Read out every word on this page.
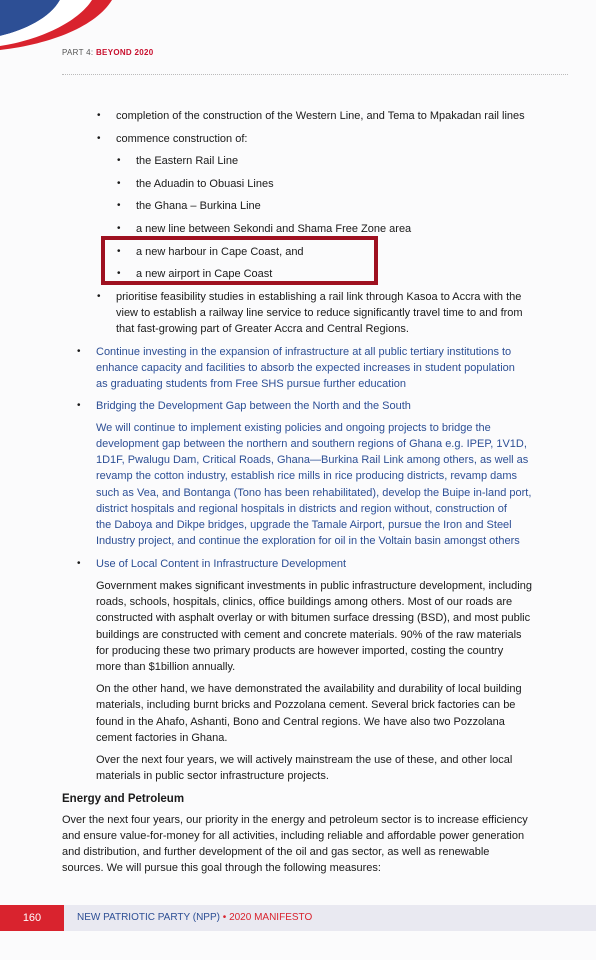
PART 4: BEYOND 2020
• completion of the construction of the Western Line, and Tema to Mpakadan rail lines
• commence construction of:
• the Eastern Rail Line
• the Aduadin to Obuasi Lines
• the Ghana – Burkina Line
• a new line between Sekondi and Shama Free Zone area
• a new harbour in Cape Coast, and
• a new airport in Cape Coast
• prioritise feasibility studies in establishing a rail link through Kasoa to Accra with the
view to establish a railway line service to reduce significantly travel time to and from
that fast-growing part of Greater Accra and Central Regions.
• Continue investing in the expansion of infrastructure at all public tertiary institutions to
enhance capacity and facilities to absorb the expected increases in student population
as graduating students from Free SHS pursue further education
• Bridging the Development Gap between the North and the South
We will continue to implement existing policies and ongoing projects to bridge the
development gap between the northern and southern regions of Ghana e.g. IPEP, 1V1D,
1D1F, Pwalugu Dam, Critical Roads, Ghana—Burkina Rail Link among others, as well as
revamp the cotton industry, establish rice mills in rice producing districts, revamp dams
such as Vea, and Bontanga (Tono has been rehabilitated), develop the Buipe in-land port,
district hospitals and regional hospitals in districts and region without, construction of
the Daboya and Dikpe bridges, upgrade the Tamale Airport, pursue the Iron and Steel
Industry project, and continue the exploration for oil in the Voltain basin amongst others
• Use of Local Content in Infrastructure Development
Government makes significant investments in public infrastructure development, including
roads, schools, hospitals, clinics, office buildings among others. Most of our roads are
constructed with asphalt overlay or with bitumen surface dressing (BSD), and most public
buildings are constructed with cement and concrete materials. 90% of the raw materials
for producing these two primary products are however imported, costing the country
more than $1billion annually.
On the other hand, we have demonstrated the availability and durability of local building
materials, including burnt bricks and Pozzolana cement. Several brick factories can be
found in the Ahafo, Ashanti, Bono and Central regions. We have also two Pozzolana
cement factories in Ghana.
Over the next four years, we will actively mainstream the use of these, and other local
materials in public sector infrastructure projects.
Energy and Petroleum
Over the next four years, our priority in the energy and petroleum sector is to increase efficiency
and ensure value-for-money for all activities, including reliable and affordable power generation
and distribution, and further development of the oil and gas sector, as well as renewable
sources. We will pursue this goal through the following measures:
160	NEW PATRIOTIC PARTY (NPP) • 2020 MANIFESTO
